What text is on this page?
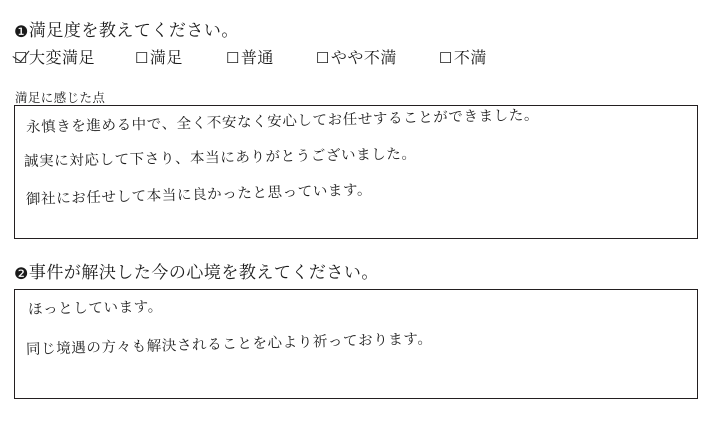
❶満足度を教えてください。
☐大変満足	☐満足	☐普通	☐やや不満	☐不満
満足に感じた点
永慎きを進める中で、全く不安なく安心してお任せすることができました。
誠実に対応して下さり、本当にありがとうございました。
御社にお任せして本当に良かったと思っています。
❷事件が解決した今の心境を教えてください。
ほっとしています。
同じ境遇の方々も解決されることを心より祈っております。
